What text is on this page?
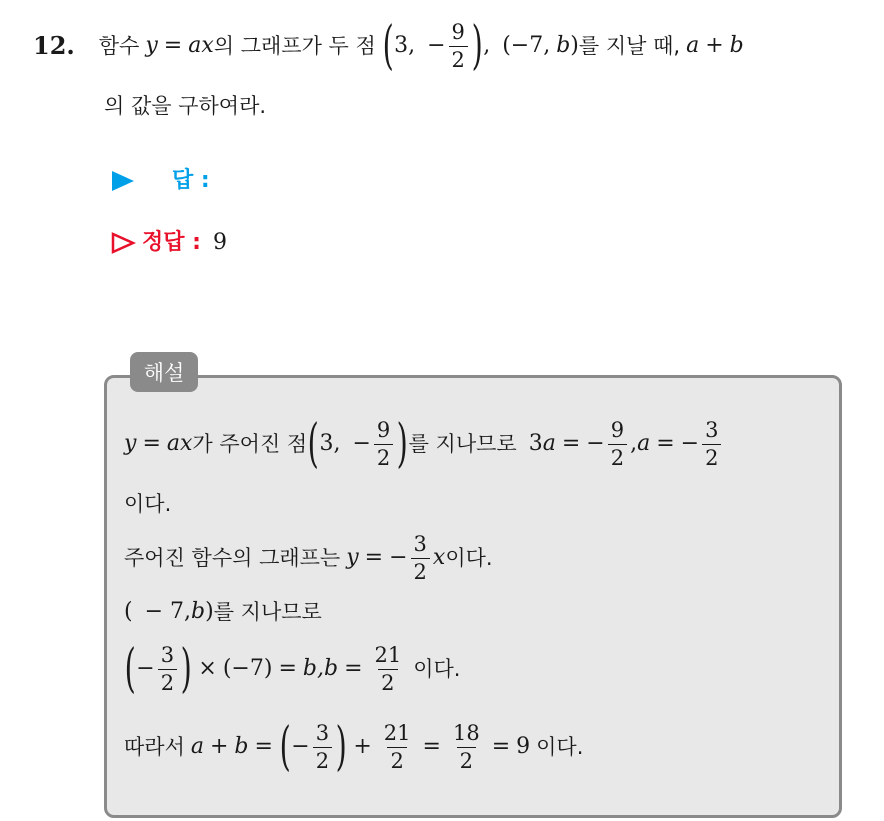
12. 함수 y = ax 의 그래프가 두 점 ( 3, − $\frac{9}{2}$ ) , (−7, b ) 를 지날 때, a + b
의 값을 구하여라.
답 :
정답 : 9
해설
y = ax 가 주어진 점 ( 3, − $\frac{9}{2}$ ) 를 지나므로 3 a = − $\frac{9}{2}$ , a = − $\frac{3}{2}$
이다.
주어진 함수의 그래프는 y = − $\frac{3}{2}$ x 이다.
( − 7, b ) 를 지나므로
( − $\frac{3}{2}$ ) × (−7) = b, $b = \frac{21}{2}$ 이다.
따라서 a + b = ( − $\frac{3}{2}$ ) + $\frac{21}{2} = \frac{18}{2} = 9$ 이다.
